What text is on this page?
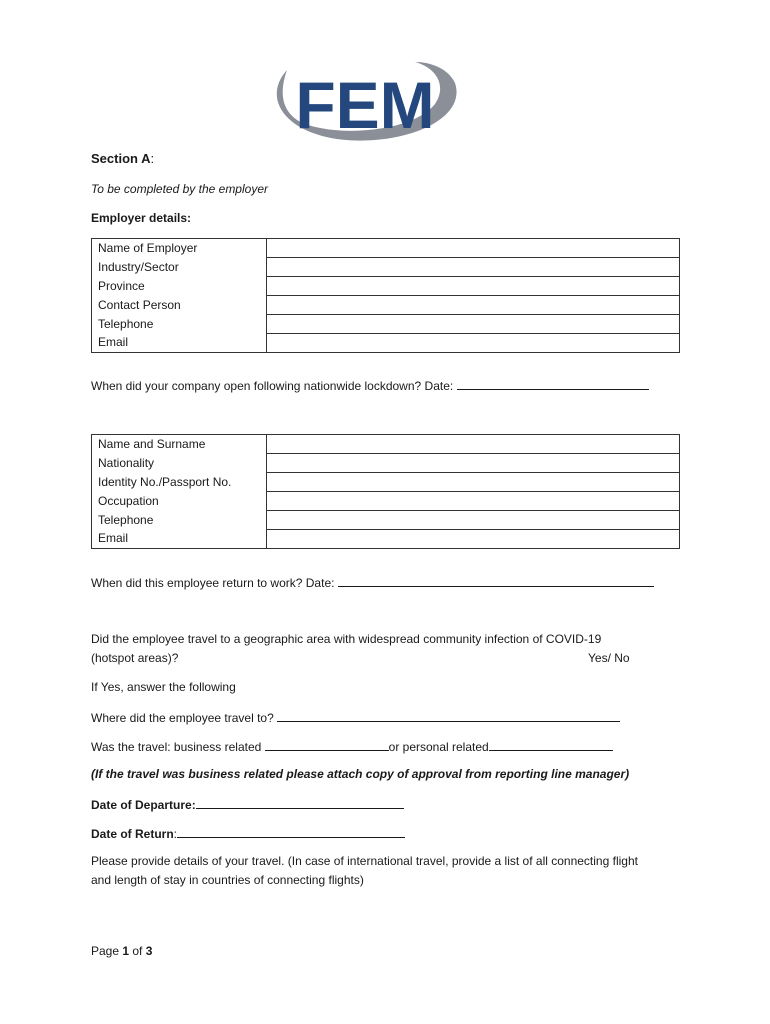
FEM
Section A:
To be completed by the employer
Employer details:
Name of Employer	
Industry/Sector	
Province	
Contact Person	
Telephone	
Email	
When did your company open following nationwide lockdown? Date:
Name and Surname	
Nationality	
Identity No./Passport No.	
Occupation	
Telephone	
Email	
When did this employee return to work? Date:
Did the employee travel to a geographic area with widespread community infection of COVID-19
(hotspot areas)?	Yes/ No
If Yes, answer the following
Where did the employee travel to?
Was the travel: business related	or personal related
(If the travel was business related please attach copy of approval from reporting line manager)
Date of Departure:
Date of Return:
Please provide details of your travel. (In case of international travel, provide a list of all connecting flight
and length of stay in countries of connecting flights)
Page 1 of 3
